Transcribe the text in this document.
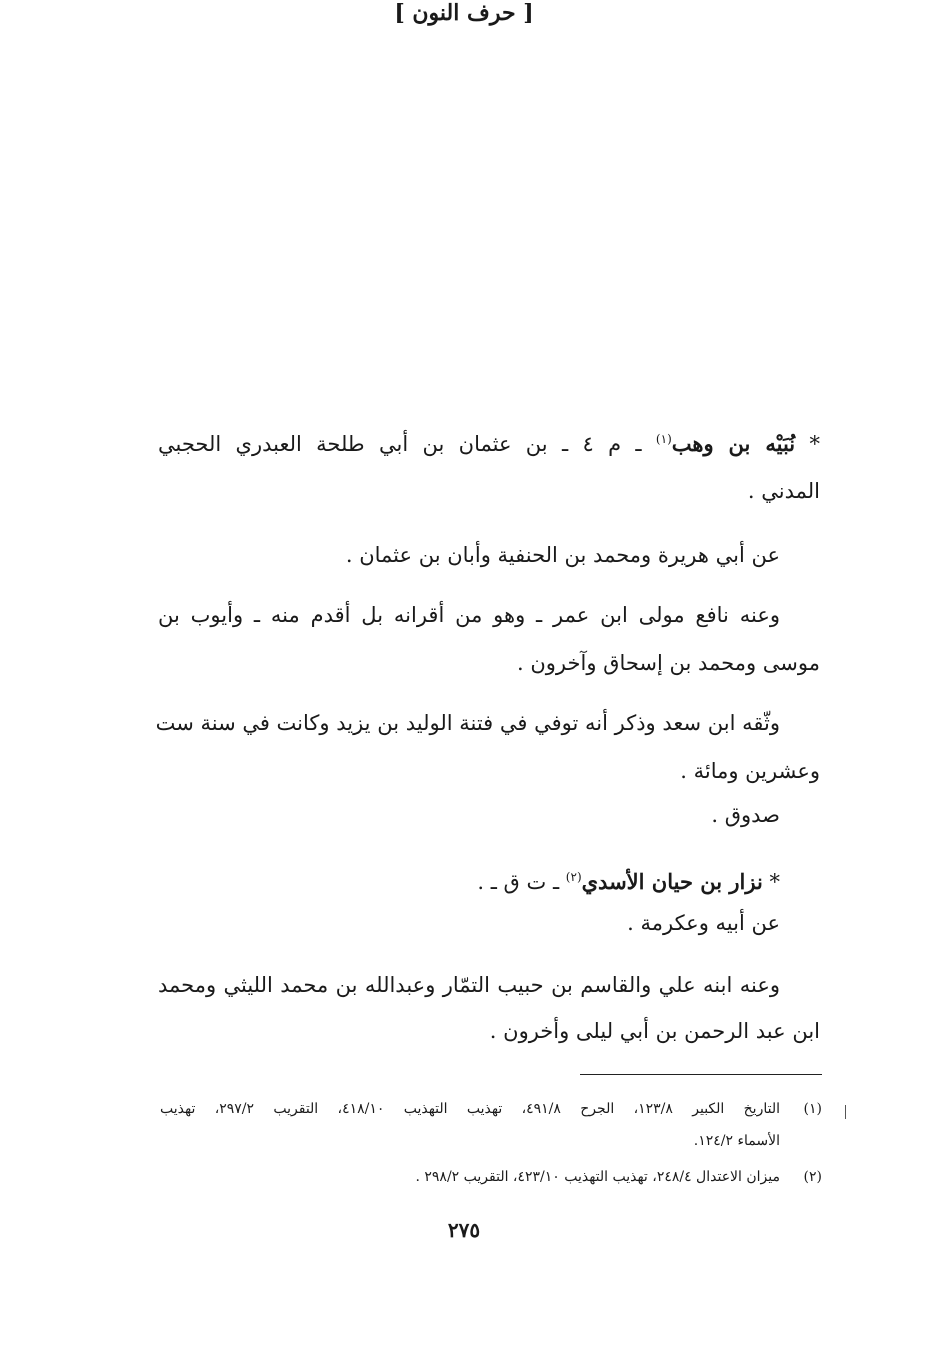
[ حرف النون ]
* نُبَيْه بن وهب$^{(١)}$ ـ م ٤ ـ بن عثمان بن أبي طلحة العبدري الحجبي
المدني .
عن أبي هريرة ومحمد بن الحنفية وأبان بن عثمان .
وعنه نافع مولى ابن عمر ـ وهو من أقرانه بل أقدم منه ـ وأيوب بن
موسى ومحمد بن إسحاق وآخرون .
وثّقه ابن سعد وذكر أنه توفي في فتنة الوليد بن يزيد وكانت في سنة ست
وعشرين ومائة .
صدوق .
* نزار بن حيان الأسدي$^{(٢)}$ ـ ت ق ـ .
عن أبيه وعكرمة .
وعنه ابنه علي والقاسم بن حبيب التمّار وعبدالله بن محمد الليثي ومحمد
ابن عبد الرحمن بن أبي ليلى وأخرون .
(١)
التاريخ الكبير ١٢٣/٨، الجرح ٤٩١/٨، تهذيب التهذيب ٤١٨/١٠، التقريب ٢٩٧/٢، تهذيب
الأسماء ١٢٤/٢.
(٢)
ميزان الاعتدال ٢٤٨/٤، تهذيب التهذيب ٤٢٣/١٠، التقريب ٢٩٨/٢ .
٢٧٥
